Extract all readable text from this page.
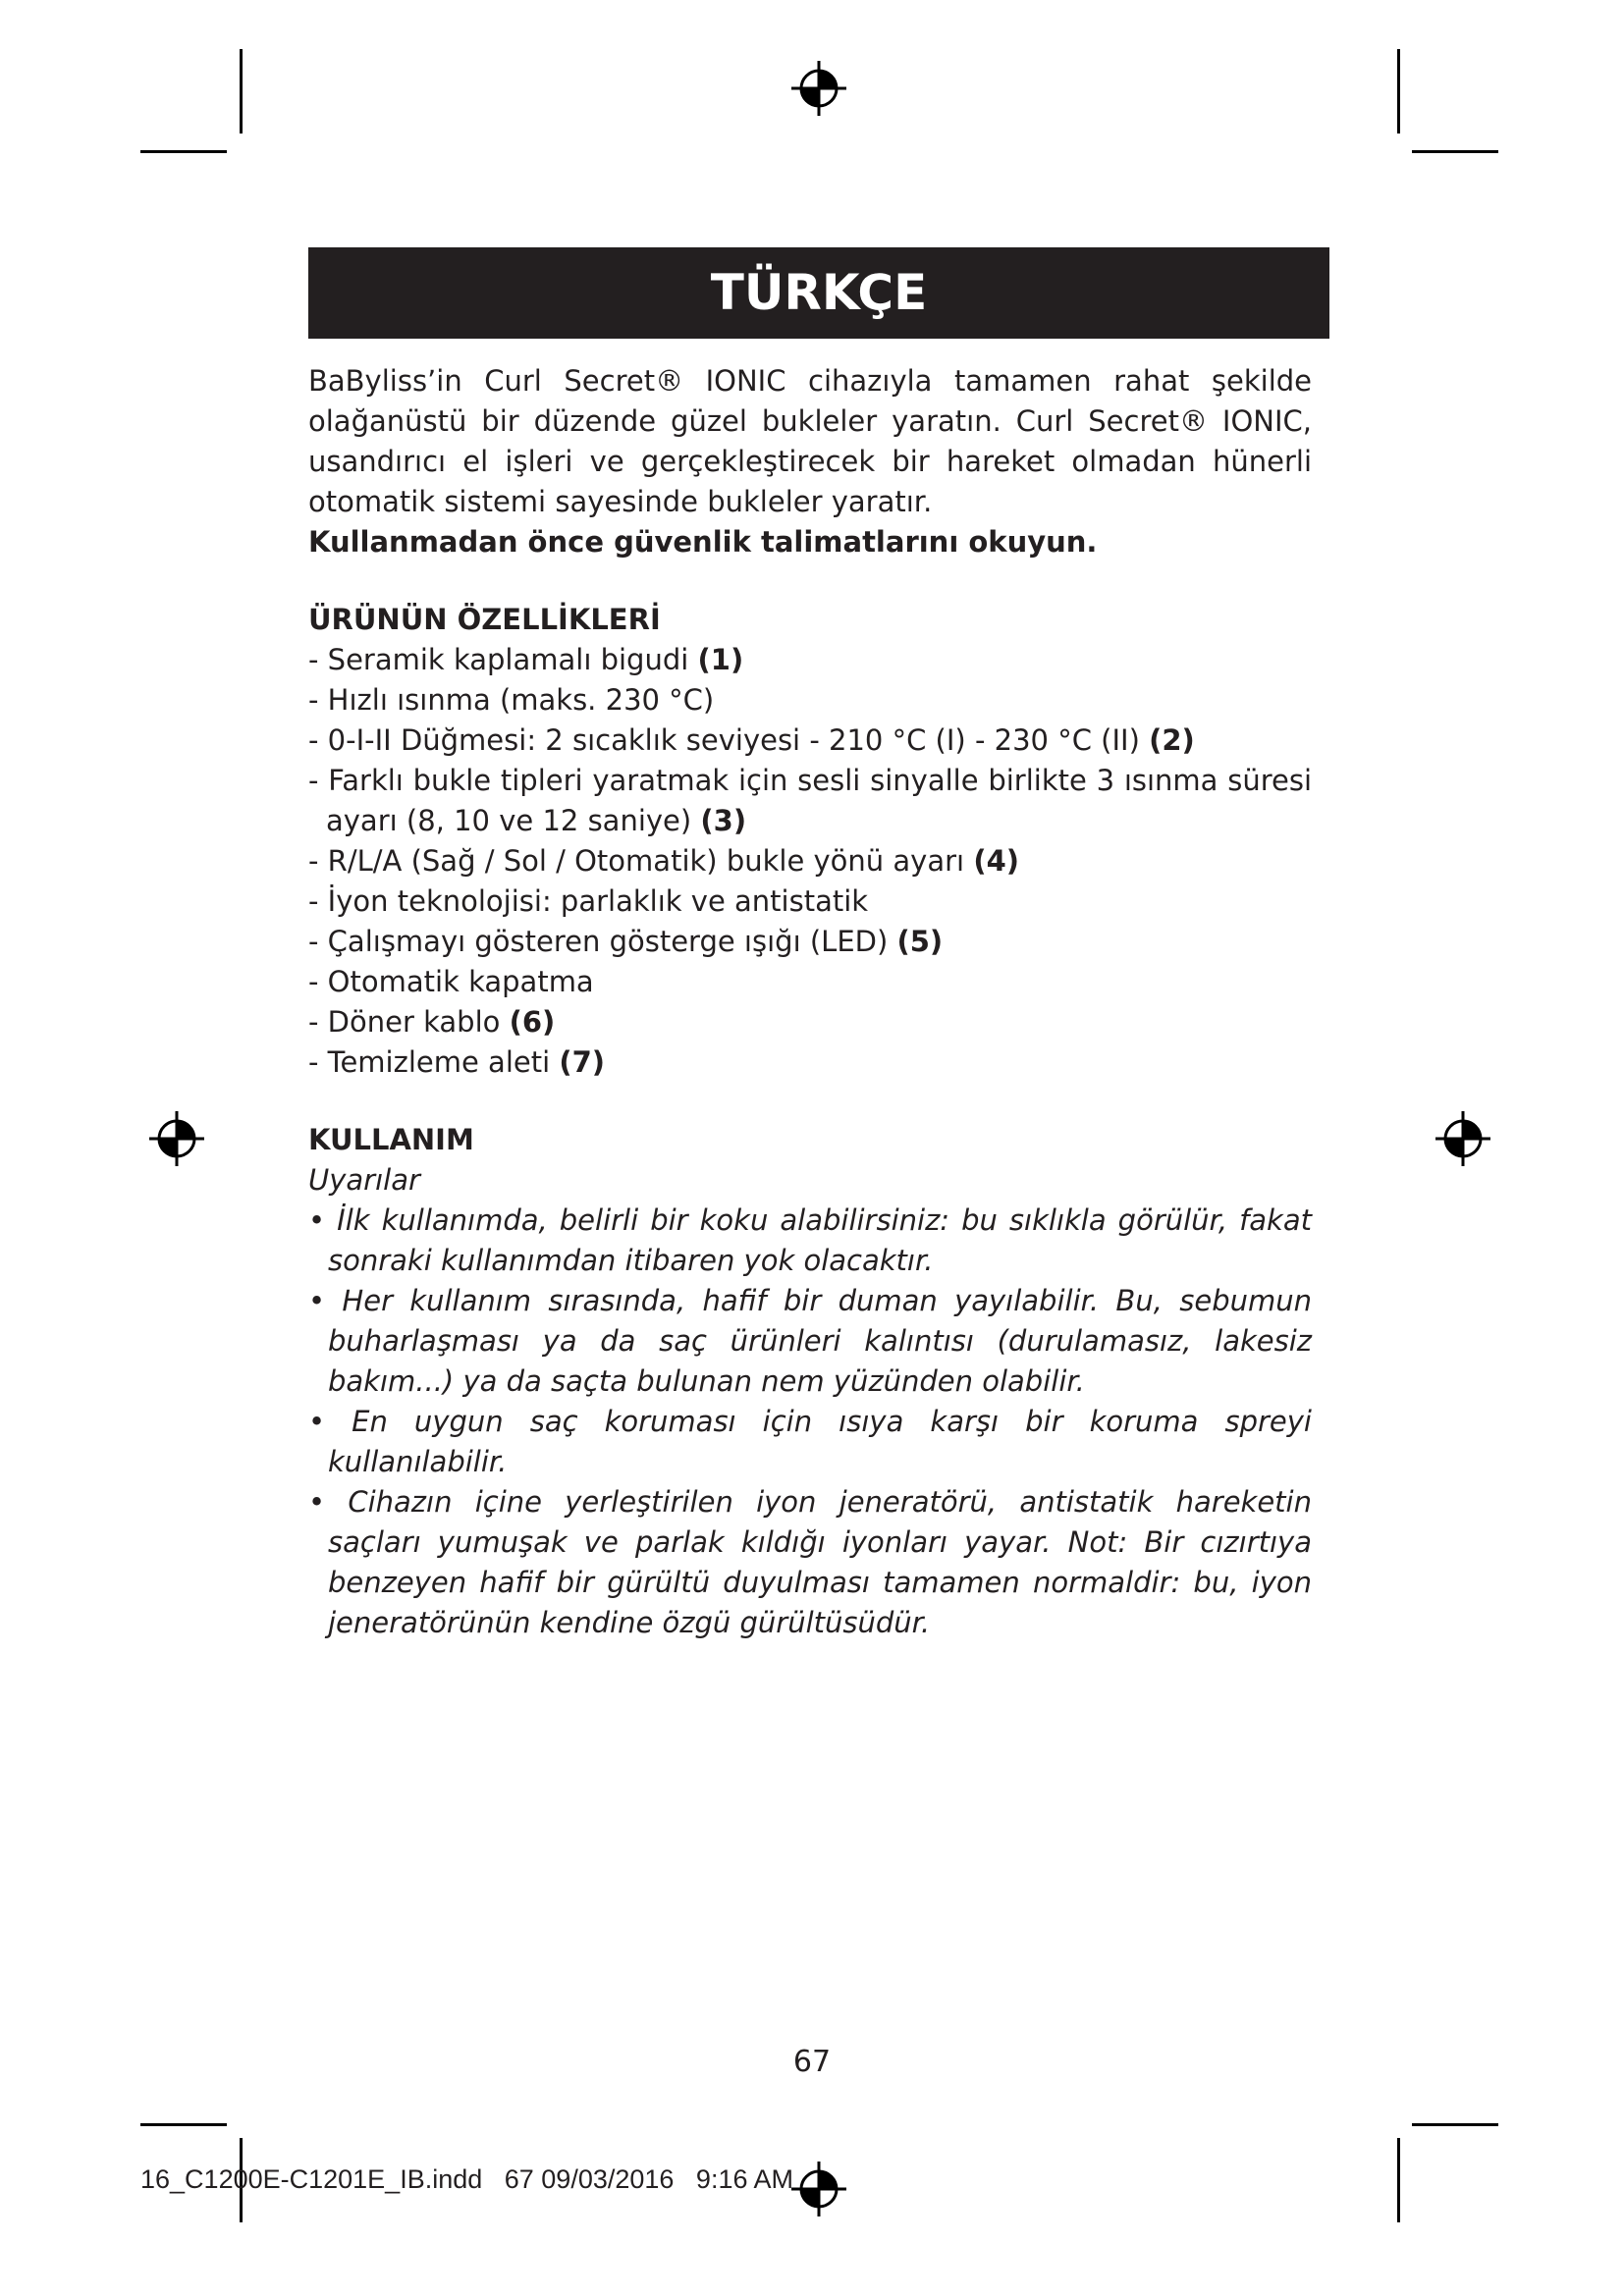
TÜRKÇE

BaByliss’in Curl Secret® IONIC cihazıyla tamamen rahat şekilde olağanüstü bir düzende güzel bukleler yaratın. Curl Secret® IONIC, usandırıcı el işleri ve gerçekleştirecek bir hareket olmadan hünerli otomatik sistemi sayesinde bukleler yaratır.

Kullanmadan önce güvenlik talimatlarını okuyun.

ÜRÜNÜN ÖZELLİKLERİ

- Seramik kaplamalı bigudi (1)
- Hızlı ısınma (maks. 230 °C)
- 0-I-II Düğmesi: 2 sıcaklık seviyesi - 210 °C (I) - 230 °C (II) (2)
- Farklı bukle tipleri yaratmak için sesli sinyalle birlikte 3 ısınma süresi ayarı (8, 10 ve 12 saniye) (3)
- R/L/A (Sağ / Sol / Otomatik) bukle yönü ayarı (4)
- İyon teknolojisi: parlaklık ve antistatik
- Çalışmayı gösteren gösterge ışığı (LED) (5)
- Otomatik kapatma
- Döner kablo (6)
- Temizleme aleti (7)

KULLANIM

Uyarılar

• İlk kullanımda, belirli bir koku alabilirsiniz: bu sıklıkla görülür, fakat sonraki kullanımdan itibaren yok olacaktır.
• Her kullanım sırasında, hafif bir duman yayılabilir. Bu, sebumun buharlaşması ya da saç ürünleri kalıntısı (durulamasız, lakesiz bakım...) ya da saçta bulunan nem yüzünden olabilir.
• En uygun saç koruması için ısıya karşı bir koruma spreyi kullanılabilir.
• Cihazın içine yerleştirilen iyon jeneratörü, antistatik hareketin saçları yumuşak ve parlak kıldığı iyonları yayar. Not: Bir cızırtıya benzeyen hafif bir gürültü duyulması tamamen normaldir: bu, iyon jeneratörünün kendine özgü gürültüsüdür.
67
16_C1200E-C1201E_IB.indd   67 09/03/2016   9:16 AM
